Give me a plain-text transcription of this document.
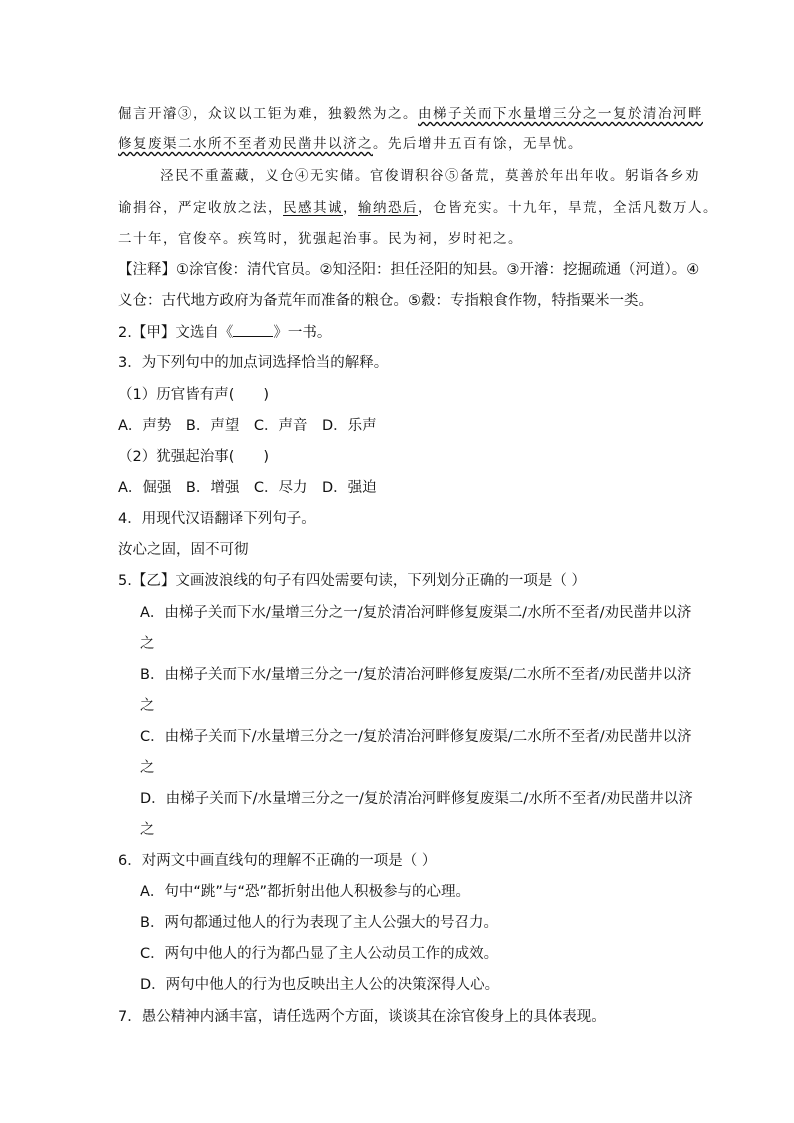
倔言开濬③，众议以工钜为难，独毅然为之。由梯子关而下水量增三分之一复於清冶河畔
修复废渠二水所不至者劝民凿井以济之。先后增井五百有馀，无旱忧。
泾民不重蓋藏，义仓④无实储。官俊谓积谷⑤备荒，莫善於年出年收。躬诣各乡劝
谕捐谷，严定收放之法，民感其诚，输纳恐后，仓皆充实。十九年，旱荒，全活凡数万人。
二十年，官俊卒。疾笃时，犹强起治事。民为祠，岁时祀之。
【注释】①涂官俊：清代官员。②知泾阳：担任泾阳的知县。③开濬：挖掘疏通（河道）。④
义仓：古代地方政府为备荒年而准备的粮仓。⑤縠：专指粮食作物，特指粟米一类。
2.【甲】文选自《	》一书。
3．为下列句中的加点词选择恰当的解释。
（1）历官皆有声(　　)
A．声势　B．声望　C．声音　D．乐声
（2）犹强起治事(　　)
A．倔强　B．增强　C．尽力　D．强迫
4．用现代汉语翻译下列句子。
汝心之固，固不可彻
5.【乙】文画波浪线的句子有四处需要句读，下列划分正确的一项是（ ）
A．由梯子关而下水/量增三分之一/复於清冶河畔修复废渠二/水所不至者/劝民凿井以济
之
B．由梯子关而下水/量增三分之一/复於清冶河畔修复废渠/二水所不至者/劝民凿井以济
之
C．由梯子关而下/水量增三分之一/复於清冶河畔修复废渠/二水所不至者/劝民凿井以济
之
D．由梯子关而下/水量增三分之一/复於清冶河畔修复废渠二/水所不至者/劝民凿井以济
之
6．对两文中画直线句的理解不正确的一项是（ ）
A．句中“跳”与“恐”都折射出他人积极参与的心理。
B．两句都通过他人的行为表现了主人公强大的号召力。
C．两句中他人的行为都凸显了主人公动员工作的成效。
D．两句中他人的行为也反映出主人公的决策深得人心。
7．愚公精神内涵丰富，请任选两个方面，谈谈其在涂官俊身上的具体表现。
